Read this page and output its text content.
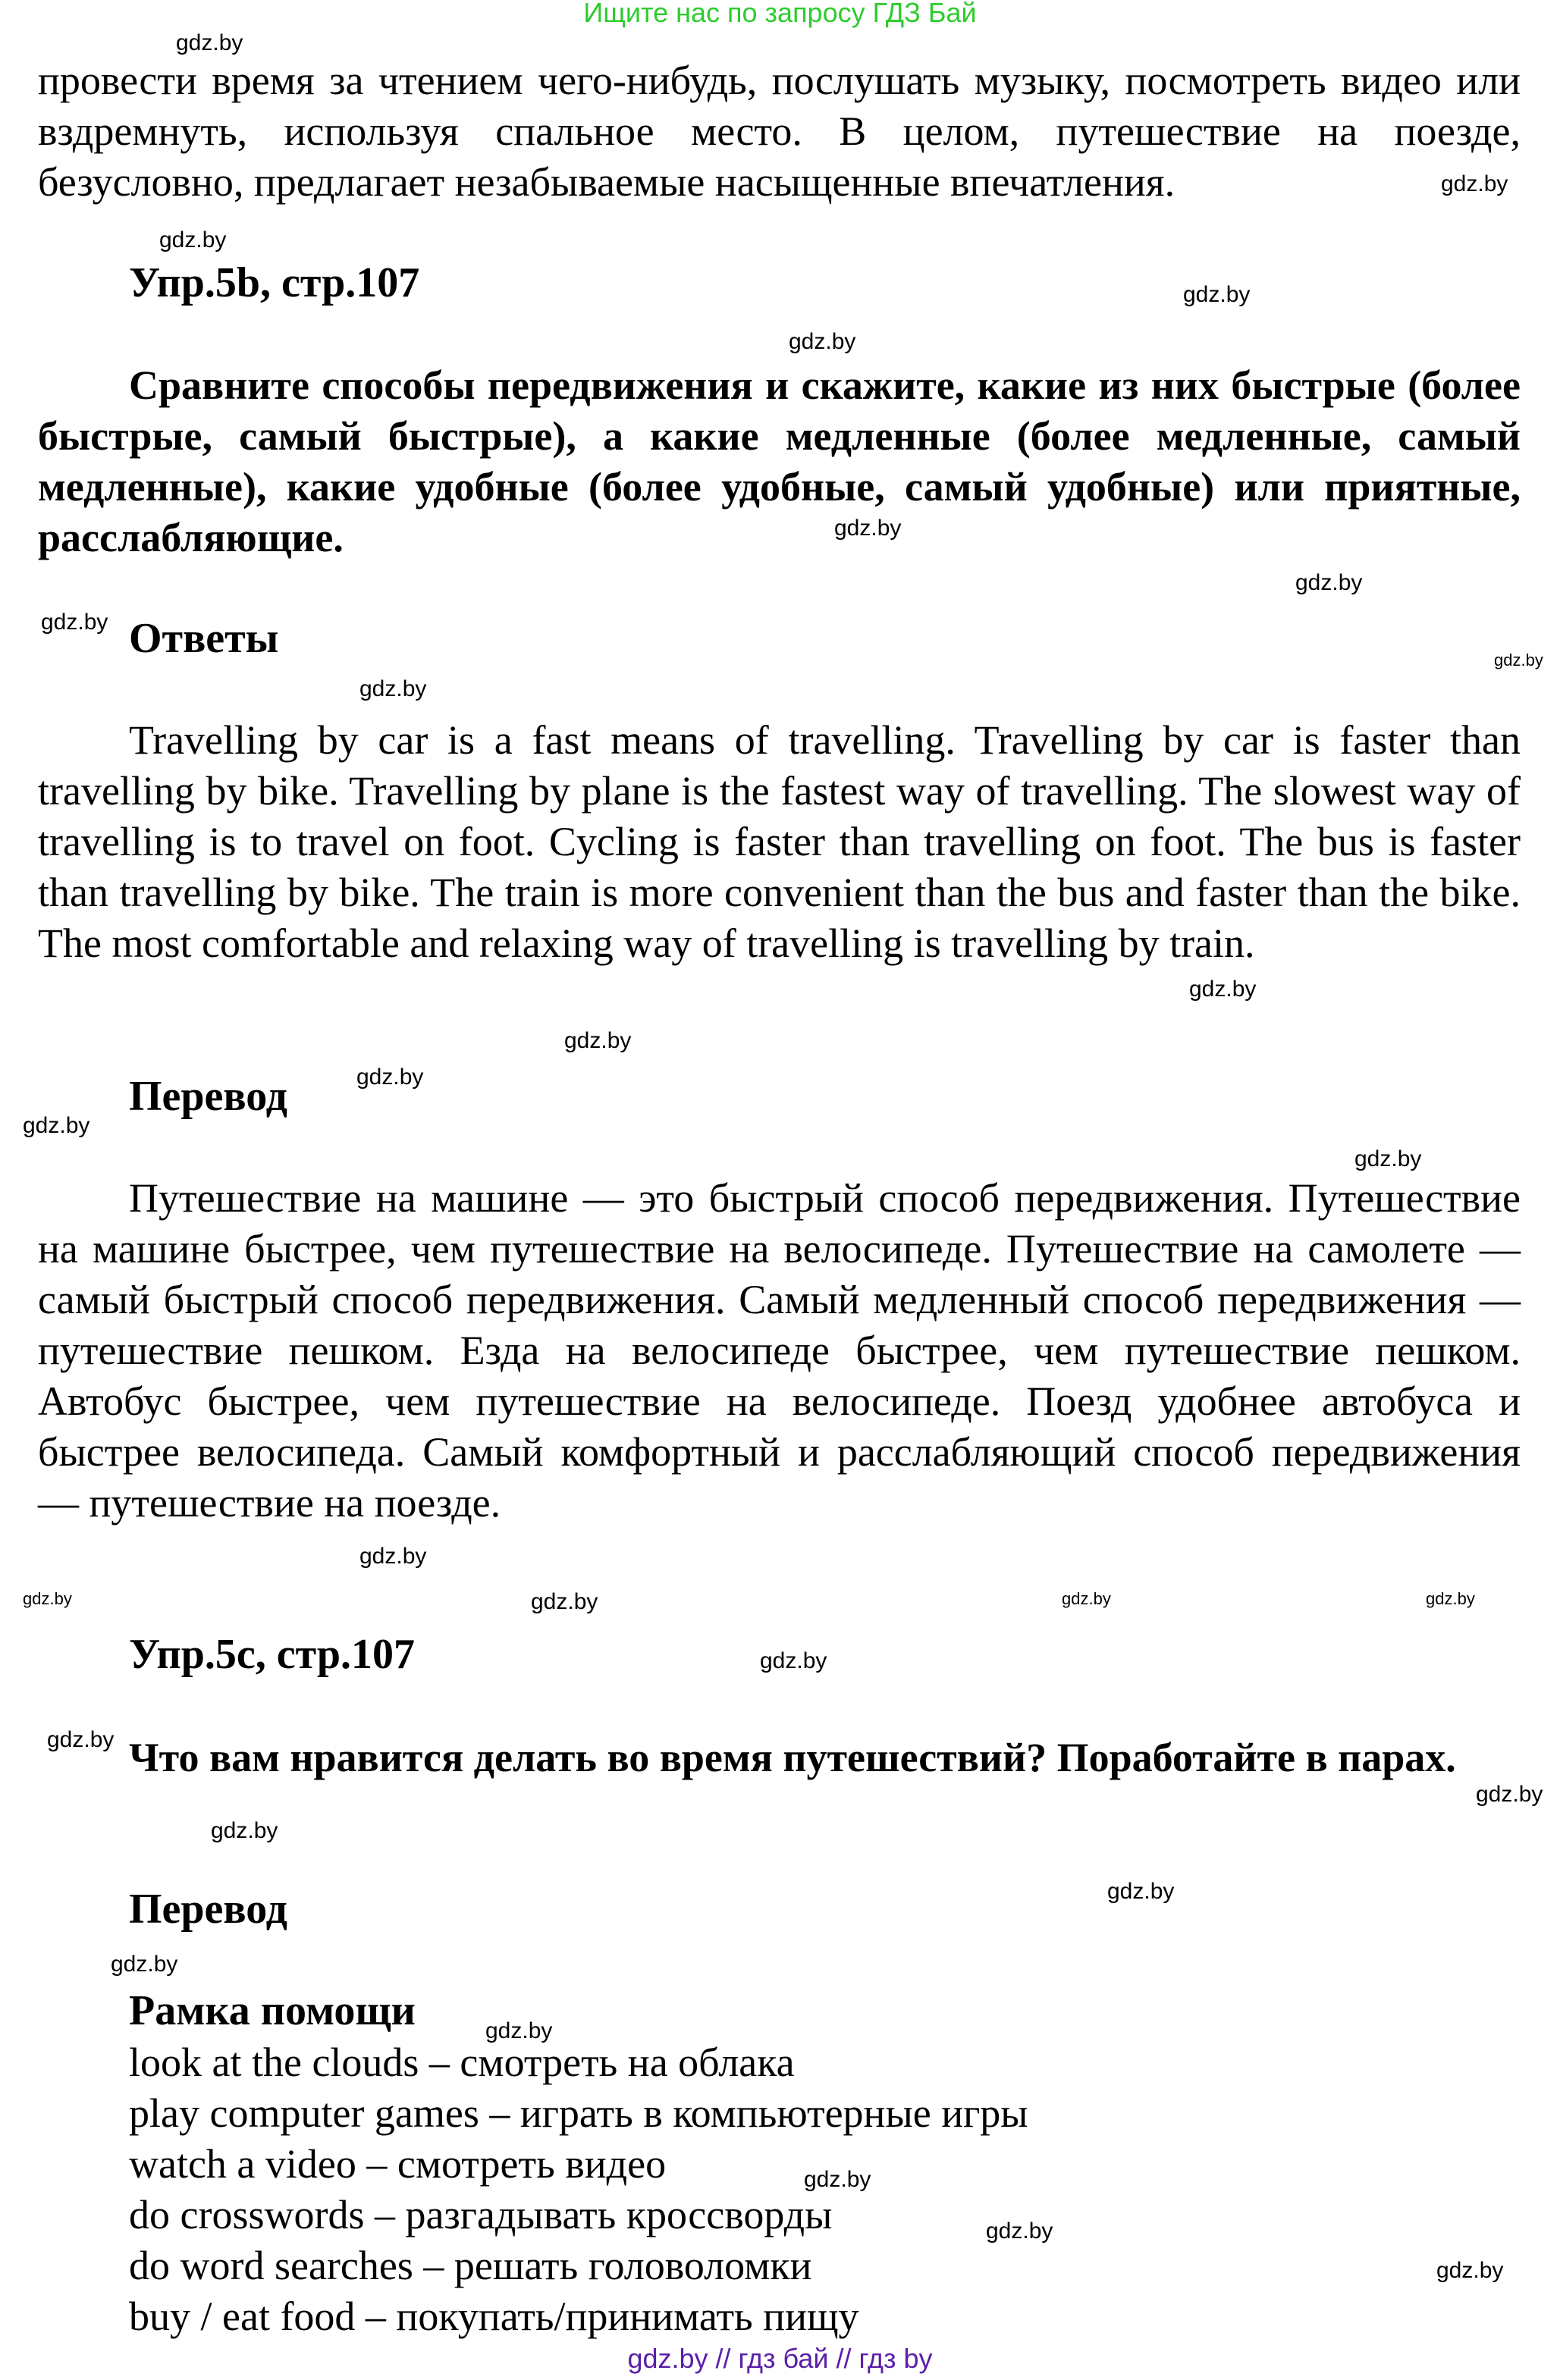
Ищите нас по запросу ГДЗ Бай
провести время за чтением чего-нибудь, послушать музыку, посмотреть видео или вздремнуть, используя спальное место. В целом, путешествие на поезде, безусловно, предлагает незабываемые насыщенные впечатления.
Упр.5b, стр.107
Сравните способы передвижения и скажите, какие из них быстрые (более быстрые, самый быстрые), а какие медленные (более медленные, самый медленные), какие удобные (более удобные, самый удобные) или приятные, расслабляющие.
Ответы
Travelling by car is a fast means of travelling. Travelling by car is faster than travelling by bike. Travelling by plane is the fastest way of travelling. The slowest way of travelling is to travel on foot. Cycling is faster than travelling on foot. The bus is faster than travelling by bike. The train is more convenient than the bus and faster than the bike. The most comfortable and relaxing way of travelling is travelling by train.
Перевод
Путешествие на машине — это быстрый способ передвижения. Путешествие на машине быстрее, чем путешествие на велосипеде. Путешествие на самолете — самый быстрый способ передвижения. Самый медленный способ передвижения — путешествие пешком. Езда на велосипеде быстрее, чем путешествие пешком. Автобус быстрее, чем путешествие на велосипеде. Поезд удобнее автобуса и быстрее велосипеда. Самый комфортный и расслабляющий способ передвижения — путешествие на поезде.
Упр.5c, стр.107
Что вам нравится делать во время путешествий? Поработайте в парах.
Перевод
Рамка помощи
look at the clouds – смотреть на облака
play computer games – играть в компьютерные игры
watch a video – смотреть видео
do crosswords – разгадывать кроссворды
do word searches – решать головоломки
buy / eat food – покупать/принимать пищу
gdz.by // гдз бай // гдз by
gdz.by
gdz.by
gdz.by
gdz.by
gdz.by
gdz.by
gdz.by
gdz.by
gdz.by
gdz.by
gdz.by
gdz.by
gdz.by
gdz.by
gdz.by
gdz.by	gdz.by	gdz.by	gdz.by
gdz.by
gdz.by
gdz.by
gdz.by
gdz.by
gdz.by
gdz.by
gdz.by
gdz.by
gdz.by
gdz.by
